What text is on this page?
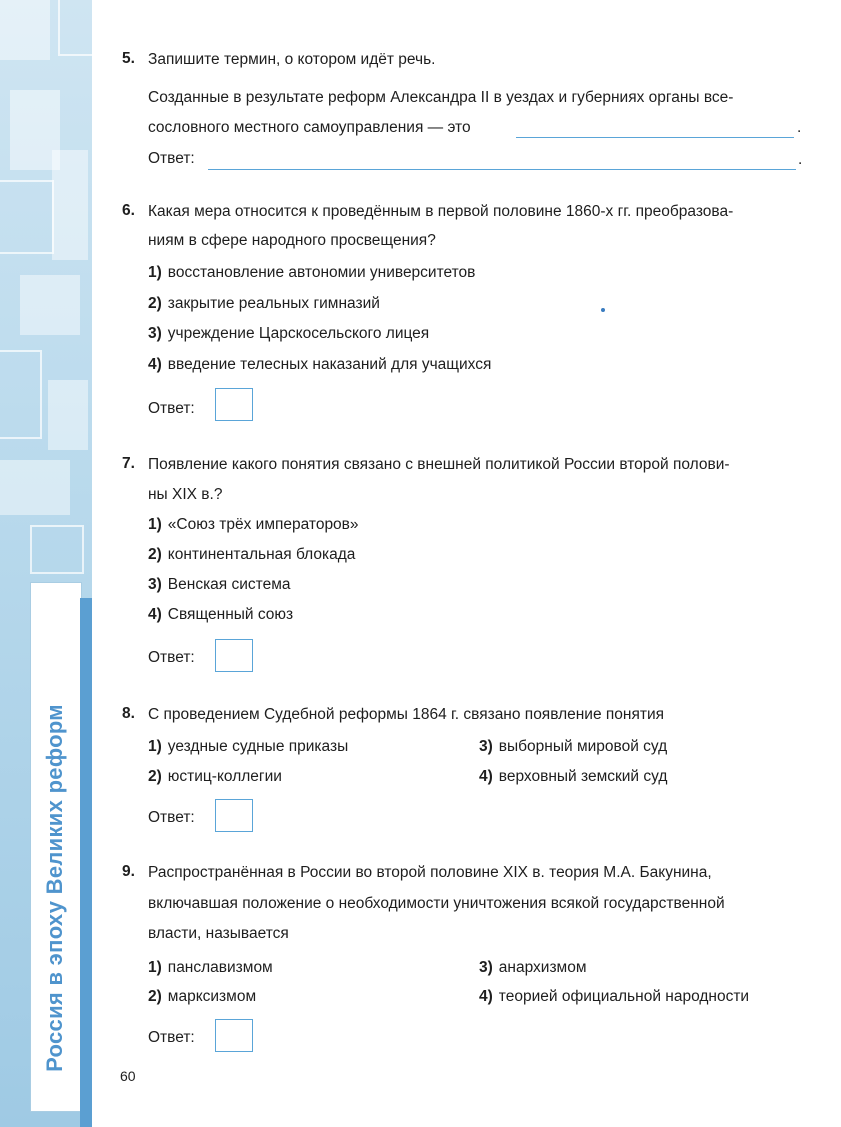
Россия в эпоху Великих реформ
5. Запишите термин, о котором идёт речь.
Созданные в результате реформ Александра II в уездах и губерниях органы все-
сословного местного самоуправления — это	.
Ответ:	.
6. Какая мера относится к проведённым в первой половине 1860-х гг. преобразова-
ниям в сфере народного просвещения?
1) восстановление автономии университетов
2) закрытие реальных гимназий
3) учреждение Царскосельского лицея
4) введение телесных наказаний для учащихся
Ответ:
7. Появление какого понятия связано с внешней политикой России второй полови-
ны XIX в.?
1) «Союз трёх императоров»
2) континентальная блокада
3) Венская система
4) Священный союз
Ответ:
8. С проведением Судебной реформы 1864 г. связано появление понятия
1) уездные судные приказы
2) юстиц-коллегии
3) выборный мировой суд
4) верховный земский суд
Ответ:
9. Распространённая в России во второй половине XIX в. теория М.А. Бакунина,
включавшая положение о необходимости уничтожения всякой государственной
власти, называется
1) панславизмом
2) марксизмом
3) анархизмом
4) теорией официальной народности
Ответ:
60
